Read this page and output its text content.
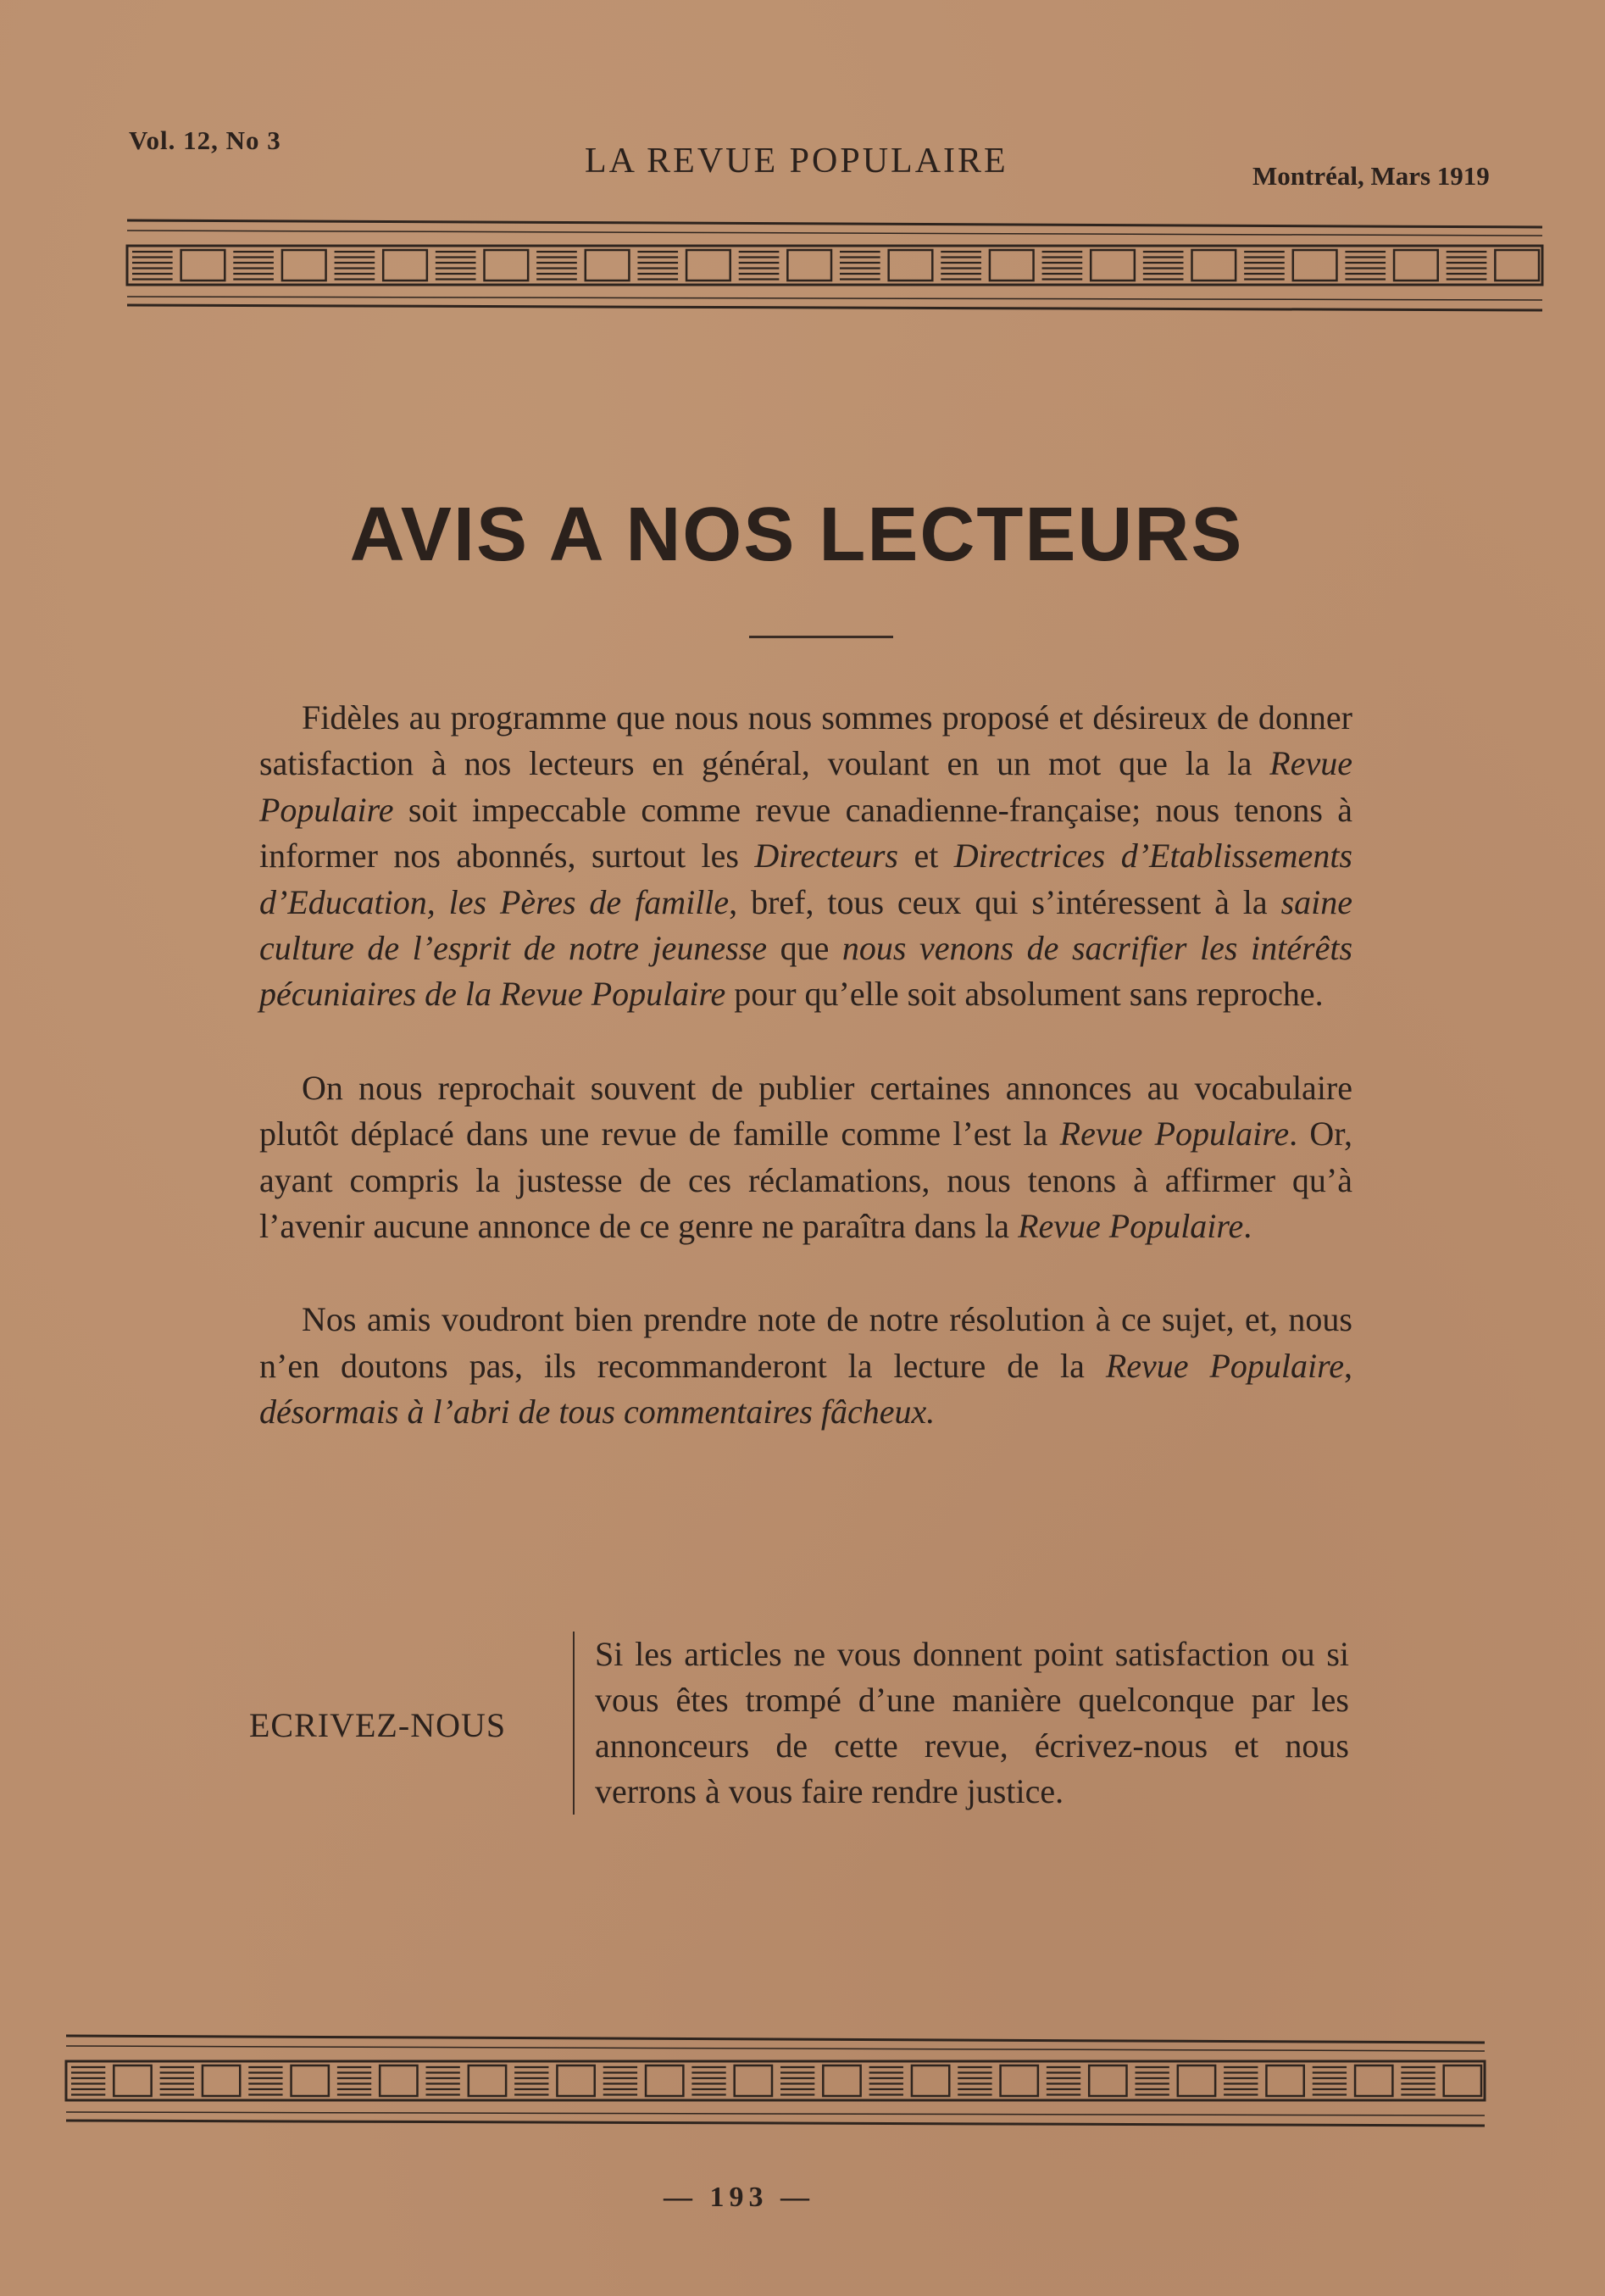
Vol. 12, No 3
LA REVUE POPULAIRE	Montréal, Mars 1919
AVIS A NOS LECTEURS

Fidèles au programme que nous nous sommes proposé et désireux de donner satisfaction à nos lecteurs en général, voulant en un mot que la la Revue Populaire soit impeccable comme revue canadienne-française; nous tenons à informer nos abonnés, surtout les Directeurs et Directrices d’Etablissements d’Education, les Pères de famille, bref, tous ceux qui s’intéressent à la saine culture de l’esprit de notre jeunesse que nous venons de sacrifier les intérêts pécuniaires de la Revue Populaire pour qu’elle soit absolument sans reproche.

On nous reprochait souvent de publier certaines annonces au vocabulaire plutôt déplacé dans une revue de famille comme l’est la Revue Populaire. Or, ayant compris la justesse de ces réclamations, nous tenons à affirmer qu’à l’avenir aucune annonce de ce genre ne paraîtra dans la Revue Populaire.

Nos amis voudront bien prendre note de notre résolution à ce sujet, et, nous n’en doutons pas, ils recommanderont la lecture de la Revue Populaire, désormais à l’abri de tous commentaires fâcheux.

ECRIVEZ-NOUS
Si les articles ne vous donnent point satisfaction ou si vous êtes trompé d’une manière quelconque par les annonceurs de cette revue, écrivez-nous et nous verrons à vous faire rendre justice.
— 193 —
